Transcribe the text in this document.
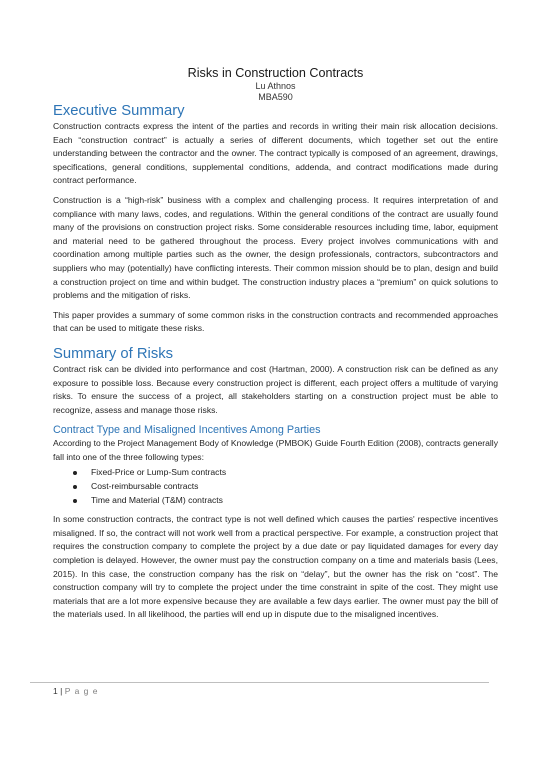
Risks in Construction Contracts
Lu Athnos
MBA590
Executive Summary

Construction contracts express the intent of the parties and records in writing their main risk allocation decisions. Each “construction contract” is actually a series of different documents, which together set out the entire understanding between the contractor and the owner. The contract typically is composed of an agreement, drawings, specifications, general conditions, supplemental conditions, addenda, and contract modifications made during contract performance.

Construction is a “high-risk” business with a complex and challenging process. It requires interpretation of and compliance with many laws, codes, and regulations. Within the general conditions of the contract are usually found many of the provisions on construction project risks. Some considerable resources including time, labor, equipment and material need to be gathered throughout the process. Every project involves communications with and coordination among multiple parties such as the owner, the design professionals, contractors, subcontractors and suppliers who may (potentially) have conflicting interests. Their common mission should be to plan, design and build a construction project on time and within budget. The construction industry places a “premium” on quick solutions to problems and the mitigation of risks.

This paper provides a summary of some common risks in the construction contracts and recommended approaches that can be used to mitigate these risks.

Summary of Risks

Contract risk can be divided into performance and cost (Hartman, 2000). A construction risk can be defined as any exposure to possible loss. Because every construction project is different, each project offers a multitude of varying risks. To ensure the success of a project, all stakeholders starting on a construction project must be able to recognize, assess and manage those risks.

Contract Type and Misaligned Incentives Among Parties

According to the Project Management Body of Knowledge (PMBOK) Guide Fourth Edition (2008), contracts generally fall into one of the three following types:

Fixed-Price or Lump-Sum contracts
Cost-reimbursable contracts
Time and Material (T&M) contracts

In some construction contracts, the contract type is not well defined which causes the parties' respective incentives misaligned. If so, the contract will not work well from a practical perspective. For example, a construction project that requires the construction company to complete the project by a due date or pay liquidated damages for every day completion is delayed. However, the owner must pay the construction company on a time and materials basis (Lees, 2015). In this case, the construction company has the risk on “delay”, but the owner has the risk on “cost”. The construction company will try to complete the project under the time constraint in spite of the cost. They might use materials that are a lot more expensive because they are available a few days earlier. The owner must pay the bill of the materials used. In all likelihood, the parties will end up in dispute due to the misaligned incentives.

1 | P a g e
